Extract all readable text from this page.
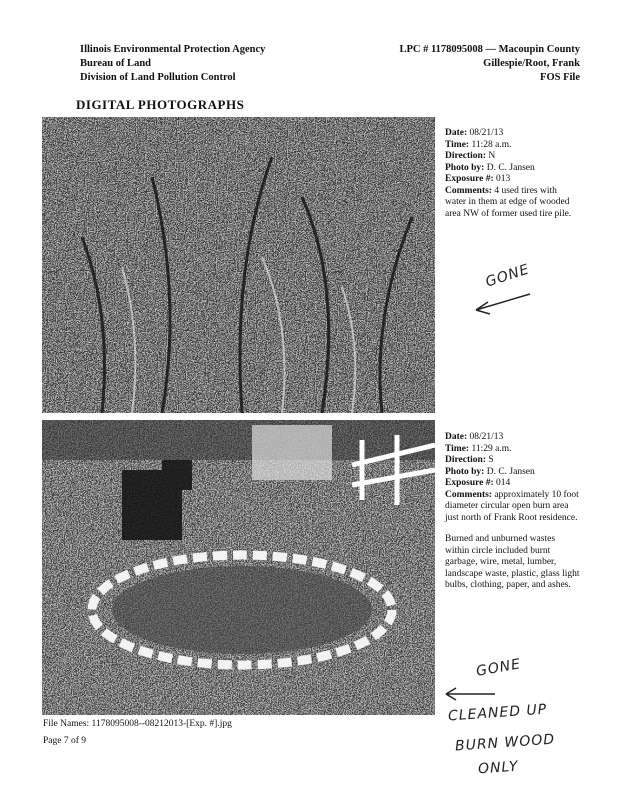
Illinois Environmental Protection Agency
Bureau of Land
Division of Land Pollution Control
LPC # 1178095008 — Macoupin County
Gillespie/Root, Frank
FOS File
DIGITAL PHOTOGRAPHS
Date: 08/21/13
Time: 11:28 a.m.
Direction: N
Photo by: D. C. Jansen
Exposure #: 013
Comments: 4 used tires with water in them at edge of wooded area NW of former used tire pile.
Date: 08/21/13
Time: 11:29 a.m.
Direction: S
Photo by: D. C. Jansen
Exposure #: 014
Comments: approximately 10 foot diameter circular open burn area just north of Frank Root residence.
Burned and unburned wastes within circle included burnt garbage, wire, metal, lumber, landscape waste, plastic, glass light bulbs, clothing, paper, and ashes.
GONE
GONE
CLEANED UP
BURN WOOD
ONLY
File Names: 1178095008--08212013-[Exp. #].jpg
Page 7 of 9
